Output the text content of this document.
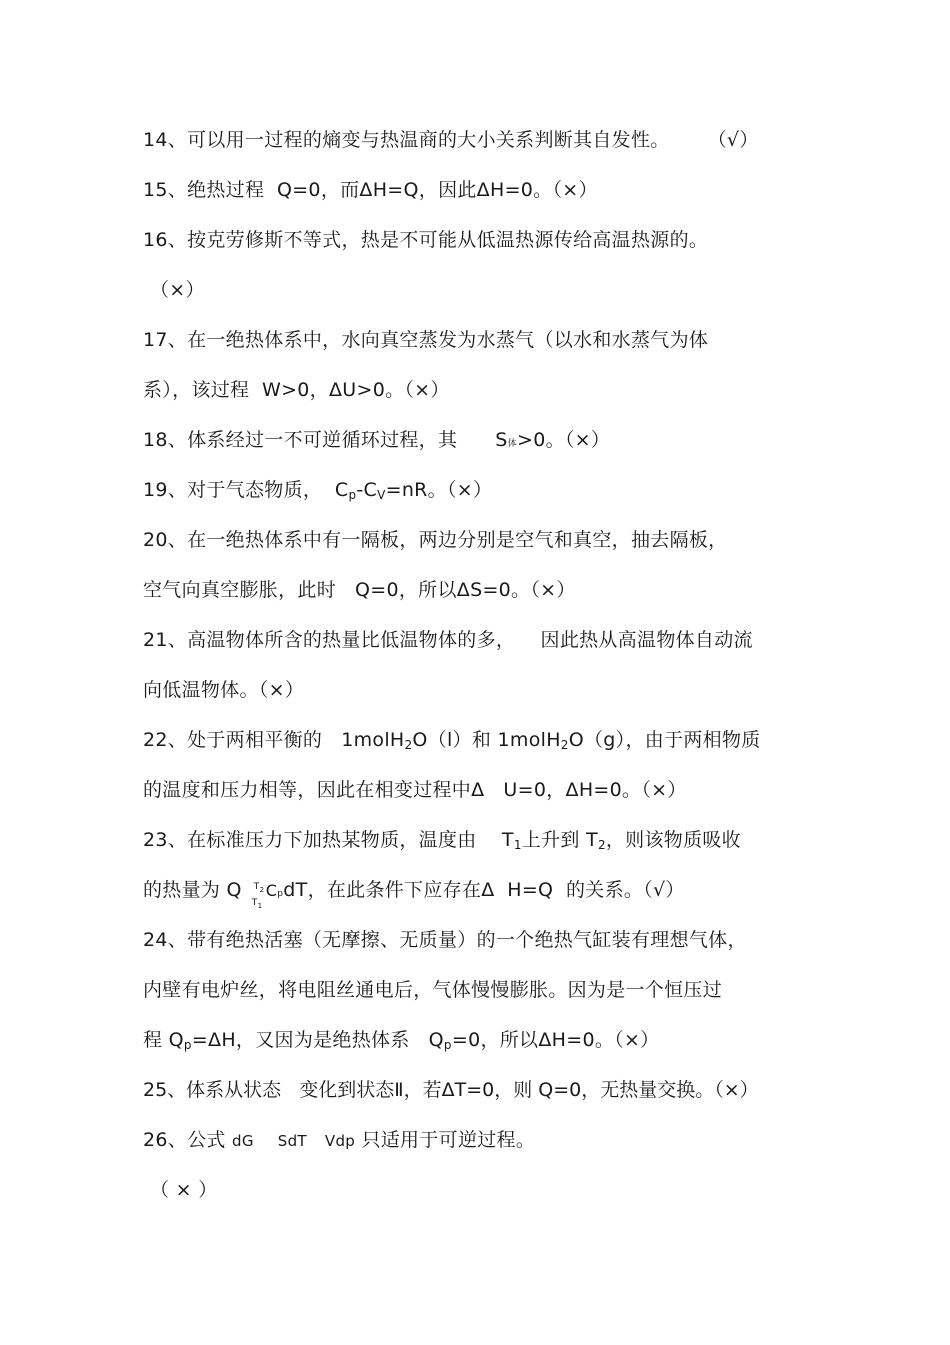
14、可以用一过程的熵变与热温商的大小关系判断其自发性。      （√）
15、绝热过程  Q=0，而ΔH=Q，因此ΔH=0。（×）
16、按克劳修斯不等式，热是不可能从低温热源传给高温热源的。
（×）
17、在一绝热体系中，水向真空蒸发为水蒸气（以水和水蒸气为体
系），该过程  W>0，ΔU>0。（×）
18、体系经过一不可逆循环过程，其 S体>0。（×）
19、对于气态物质，  $C_p-C_V=nR$。（×）
20、在一绝热体系中有一隔板，两边分别是空气和真空，抽去隔板，
空气向真空膨胀，此时   Q=0，所以ΔS=0。（×）
21、高温物体所含的热量比低温物体的多，    因此热从高温物体自动流
向低温物体。（×）
22、处于两相平衡的   1molH$_2$O（l）和 1molH$_2$O（g），由于两相物质
的温度和压力相等，因此在相变过程中Δ   U=0，ΔH=0。（×）
23、在标准压力下加热某物质，温度由    $T_1$上升到 $T_2$，则该物质吸收
的热量为 Q $T_2$
$T_1$
CpdT，在此条件下应存在Δ  H=Q  的关系。（√）
24、带有绝热活塞（无摩擦、无质量）的一个绝热气缸装有理想气体，
内壁有电炉丝，将电阻丝通电后，气体慢慢膨胀。因为是一个恒压过
程 $Q_p=\Delta H$，又因为是绝热体系   $Q_p=0$，所以ΔH=0。（×）
25、体系从状态   变化到状态Ⅱ，若ΔT=0，则 Q=0，无热量交换。（×）
26、公式 dG SdT Vdp 只适用于可逆过程。
（ × ）
